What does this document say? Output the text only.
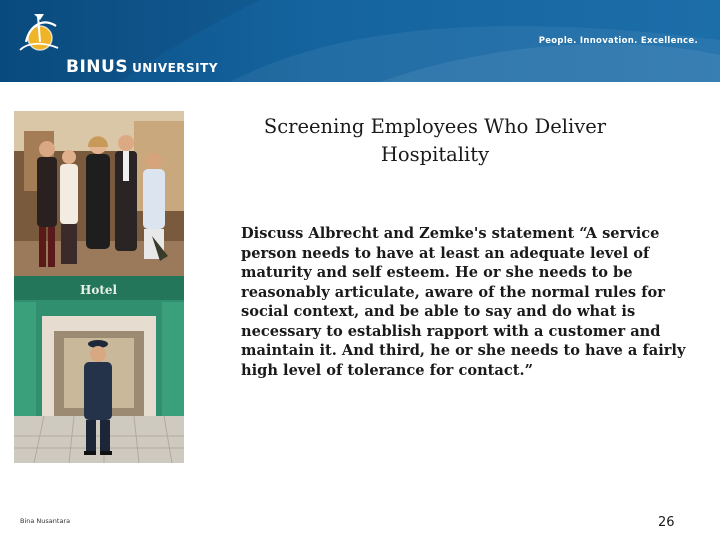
BINUS UNIVERSITY
People. Innovation. Excellence.
Hotel
Screening Employees Who Deliver
Hospitality
Discuss Albrecht and Zemke's statement “A service person needs to have at least an adequate level of maturity and self esteem. He or she needs to be reasonably articulate, aware of the normal rules for social context, and be able to say and do what is necessary to establish rapport with a customer and maintain it. And third, he or she needs to have a fairly high level of tolerance for contact.”
Bina Nusantara	26
